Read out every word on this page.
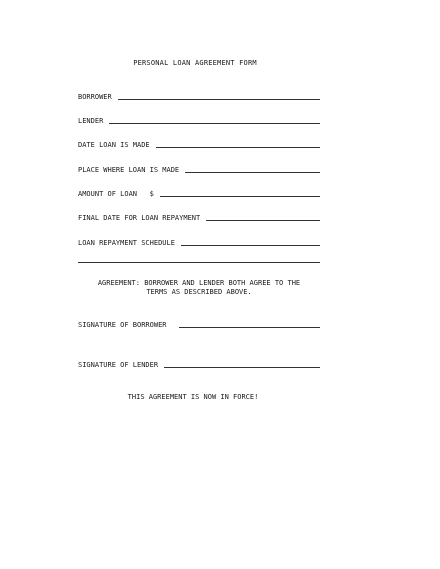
PERSONAL LOAN AGREEMENT FORM
BORROWER
LENDER
DATE LOAN IS MADE
PLACE WHERE LOAN IS MADE
AMOUNT OF LOAN   $
FINAL DATE FOR LOAN REPAYMENT
LOAN REPAYMENT SCHEDULE
AGREEMENT: BORROWER AND LENDER BOTH AGREE TO THE
TERMS AS DESCRIBED ABOVE.
SIGNATURE OF BORROWER
SIGNATURE OF LENDER
THIS AGREEMENT IS NOW IN FORCE!
